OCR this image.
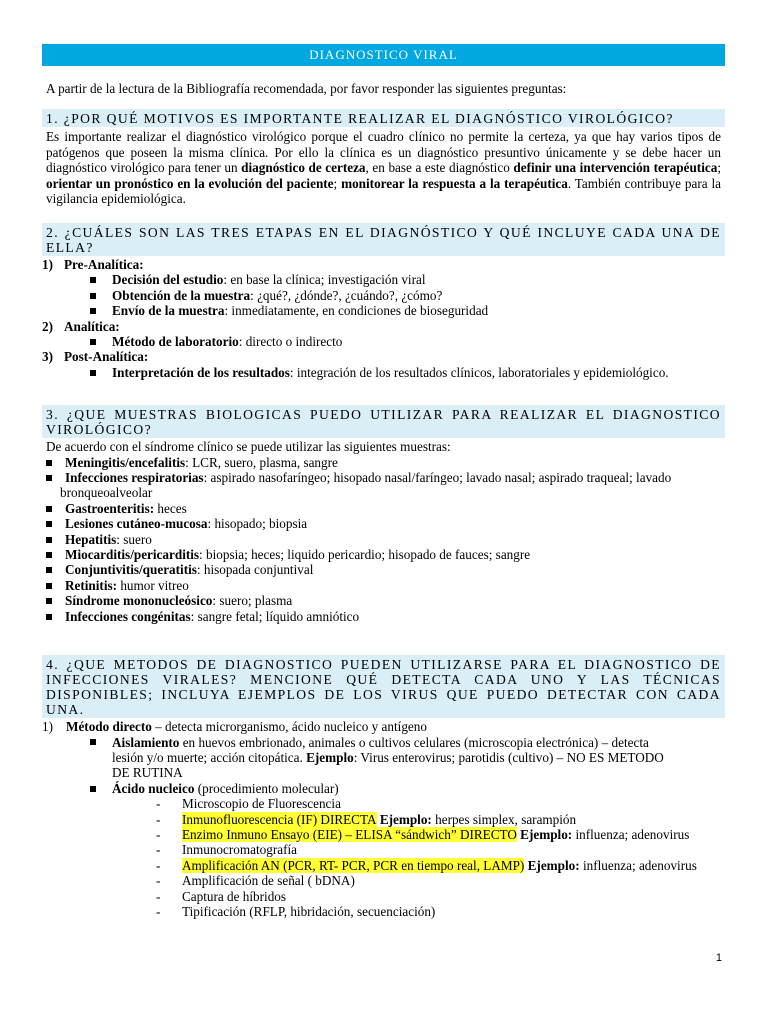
DIAGNOSTICO VIRAL
A partir de la lectura de la Bibliografía recomendada, por favor responder las siguientes preguntas:
1. ¿POR QUÉ MOTIVOS ES IMPORTANTE REALIZAR EL DIAGNÓSTICO VIROLÓGICO?
Es importante realizar el diagnóstico virológico porque el cuadro clínico no permite la certeza, ya que hay varios tipos de patógenos que poseen la misma clínica. Por ello la clínica es un diagnóstico presuntivo únicamente y se debe hacer un diagnóstico virológico para tener un diagnóstico de certeza, en base a este diagnóstico definir una intervención terapéutica; orientar un pronóstico en la evolución del paciente; monitorear la respuesta a la terapéutica. También contribuye para la vigilancia epidemiológica.
2. ¿CUÁLES SON LAS TRES ETAPAS EN EL DIAGNÓSTICO Y QUÉ INCLUYE CADA UNA DE ELLA?
1) Pre-Analítica:
Decisión del estudio: en base la clínica; investigación viral
Obtención de la muestra: ¿qué?, ¿dónde?, ¿cuándo?, ¿cómo?
Envío de la muestra: inmediatamente, en condiciones de bioseguridad
2) Analítica:
Método de laboratorio: directo o indirecto
3) Post-Analítica:
Interpretación de los resultados: integración de los resultados clínicos, laboratoriales y epidemiológico.
3. ¿QUE MUESTRAS BIOLOGICAS PUEDO UTILIZAR PARA REALIZAR EL DIAGNOSTICO VIROLÓGICO?
De acuerdo con el síndrome clínico se puede utilizar las siguientes muestras:
Meningitis/encefalitis: LCR, suero, plasma, sangre
Infecciones respiratorias: aspirado nasofaríngeo; hisopado nasal/faríngeo; lavado nasal; aspirado traqueal; lavado
bronqueoalveolar
Gastroenteritis: heces
Lesiones cutáneo-mucosa: hisopado; biopsia
Hepatitis: suero
Miocarditis/pericarditis: biopsia; heces; liquido pericardio; hisopado de fauces; sangre
Conjuntivitis/queratitis: hisopada conjuntival
Retinitis: humor vitreo
Síndrome mononucleósico: suero; plasma
Infecciones congénitas: sangre fetal; líquido amniótico
4. ¿QUE METODOS DE DIAGNOSTICO PUEDEN UTILIZARSE PARA EL DIAGNOSTICO DE INFECCIONES VIRALES? MENCIONE QUÉ DETECTA CADA UNO Y LAS TÉCNICAS DISPONIBLES; INCLUYA EJEMPLOS DE LOS VIRUS QUE PUEDO DETECTAR CON CADA UNA.
1) Método directo – detecta microrganismo, ácido nucleico y antígeno
Aislamiento en huevos embrionado, animales o cultivos celulares (microscopia electrónica) – detecta
lesión y/o muerte; acción citopática. Ejemplo: Virus enterovirus; parotidis (cultivo) – NO ES METODO
DE RUTINA
Ácido nucleico (procedimiento molecular)
- Microscopio de Fluorescencia
- Inmunofluorescencia (IF) DIRECTA Ejemplo: herpes simplex, sarampión
- Enzimo Inmuno Ensayo (EIE) – ELISA “sándwich” DIRECTO Ejemplo: influenza; adenovirus
- Inmunocromatografía
- Amplificación AN (PCR, RT- PCR, PCR en tiempo real, LAMP) Ejemplo: influenza; adenovirus
- Amplificación de señal ( bDNA)
- Captura de híbridos
- Tipificación (RFLP, hibridación, secuenciación)
1
